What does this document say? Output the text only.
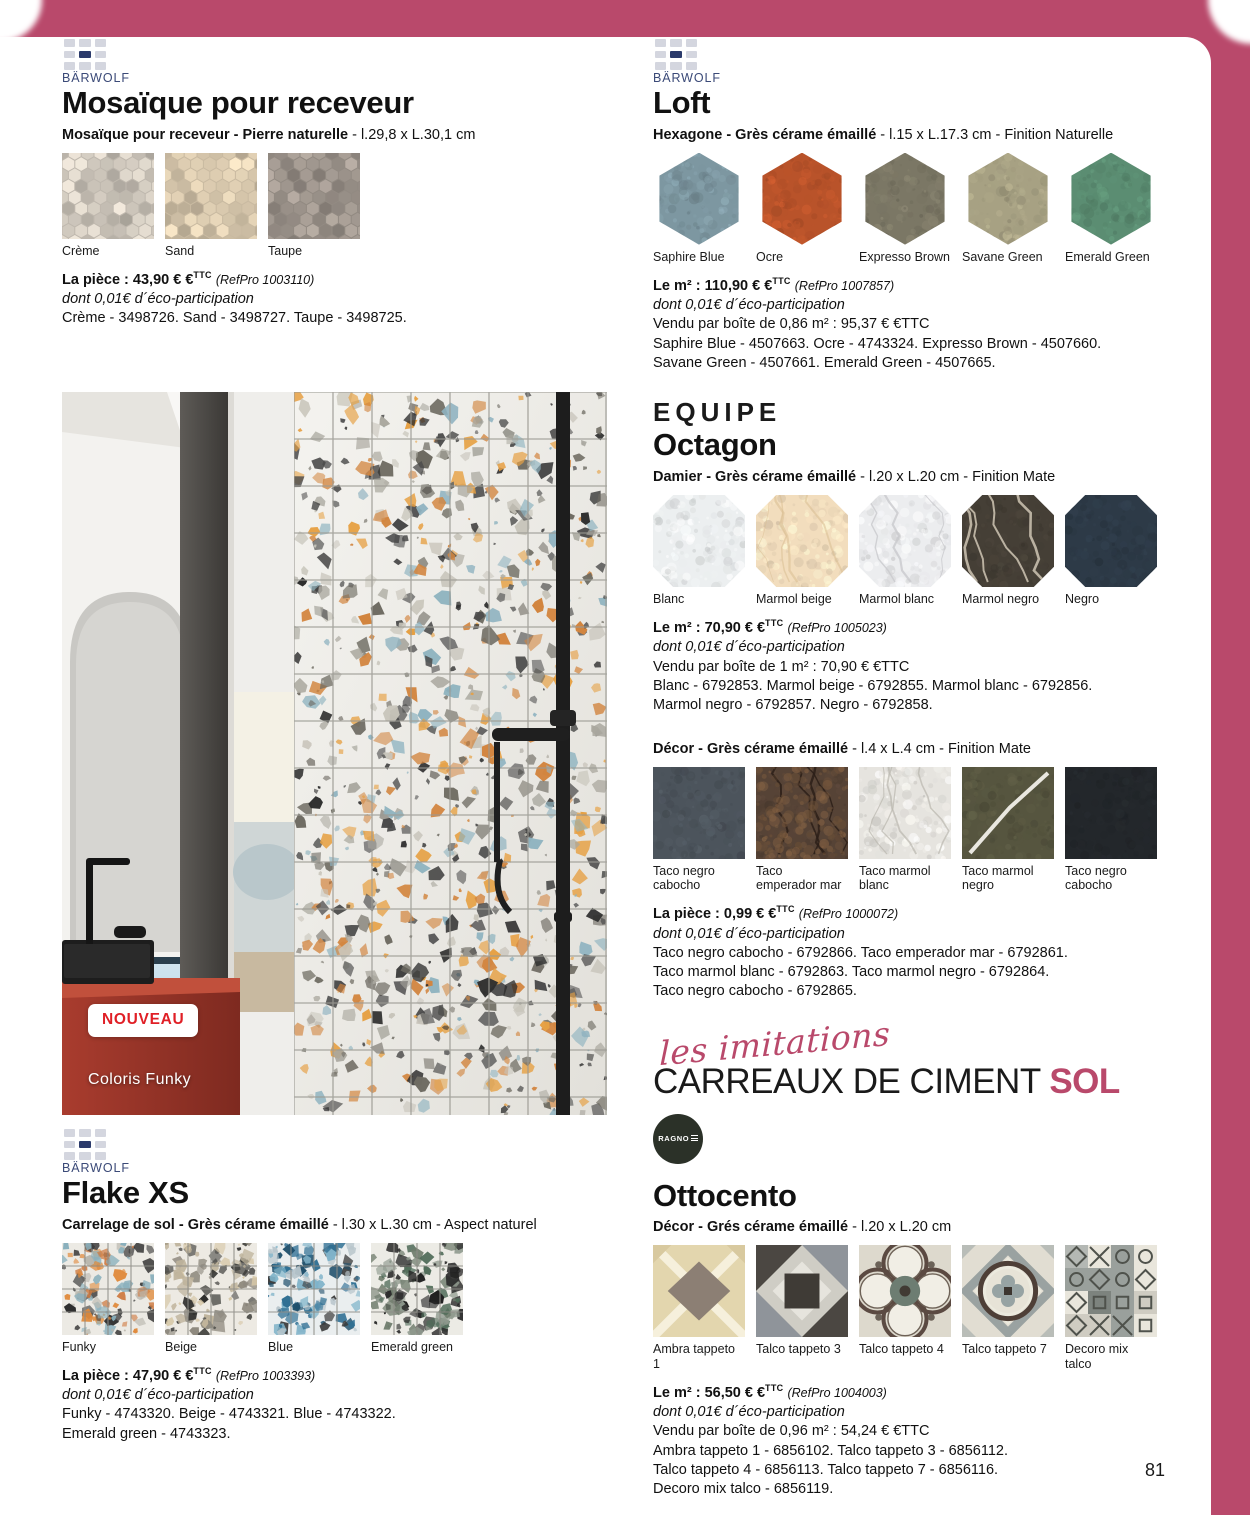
BÄRWOLF
Mosaïque pour receveur

Mosaïque pour receveur - Pierre naturelle - l.29,8 x L.30,1 cm

Crème	Sand	Taupe
La pièce : 43,90 € €$^{TTC}$ (RefPro 1003110)
dont 0,01€ d´éco-participation
Crème - 3498726. Sand - 3498727. Taupe - 3498725.
BÄRWOLF
Flake XS

Carrelage de sol - Grès cérame émaillé - l.30 x L.30 cm - Aspect naturel

Funky	Beige	Blue	Emerald green
La pièce : 47,90 € €$^{TTC}$ (RefPro 1003393)
dont 0,01€ d´éco-participation
Funky - 4743320. Beige - 4743321. Blue - 4743322.
Emerald green - 4743323.
NOUVEAU
Coloris Funky
BÄRWOLF
Loft

Hexagone - Grès cérame émaillé - l.15 x L.17.3 cm - Finition Naturelle

Saphire Blue	Ocre	Expresso Brown Savane Green	Emerald Green
Le m² : 110,90 € €$^{TTC}$ (RefPro 1007857)
dont 0,01€ d´éco-participation
Vendu par boîte de 0,86 m² : 95,37 € €TTC
Saphire Blue - 4507663. Ocre - 4743324. Expresso Brown - 4507660.
Savane Green - 4507661. Emerald Green - 4507665.
EQUIPE
Octagon

Damier - Grès cérame émaillé - l.20 x L.20 cm - Finition Mate

Blanc	Marmol beige	Marmol blanc	Marmol negro	Negro
Le m² : 70,90 € €$^{TTC}$ (RefPro 1005023)
dont 0,01€ d´éco-participation
Vendu par boîte de 1 m² : 70,90 € €TTC
Blanc - 6792853. Marmol beige - 6792855. Marmol blanc - 6792856.
Marmol negro - 6792857. Negro - 6792858.

Décor - Grès cérame émaillé - l.4 x L.4 cm - Finition Mate

Taco negro cabocho
Taco emperador mar
Taco marmol blanc
Taco marmol negro
Taco negro cabocho
La pièce : 0,99 € €$^{TTC}$ (RefPro 1000072)
dont 0,01€ d´éco-participation
Taco negro cabocho - 6792866. Taco emperador mar - 6792861.
Taco marmol blanc - 6792863. Taco marmol negro - 6792864.
Taco negro cabocho - 6792865.
les imitations
CARREAUX DE CIMENT SOL
RAGNO
Ottocento

Décor - Grés cérame émaillé - l.20 x L.20 cm

Ambra tappeto 1
Talco tappeto 3	Talco tappeto 4	Talco tappeto 7	Decoro mix talco
Le m² : 56,50 € €$^{TTC}$ (RefPro 1004003)
dont 0,01€ d´éco-participation
Vendu par boîte de 0,96 m² : 54,24 € €TTC
Ambra tappeto 1 - 6856102. Talco tappeto 3 - 6856112.
Talco tappeto 4 - 6856113. Talco tappeto 7 - 6856116.
Decoro mix talco - 6856119.
81
